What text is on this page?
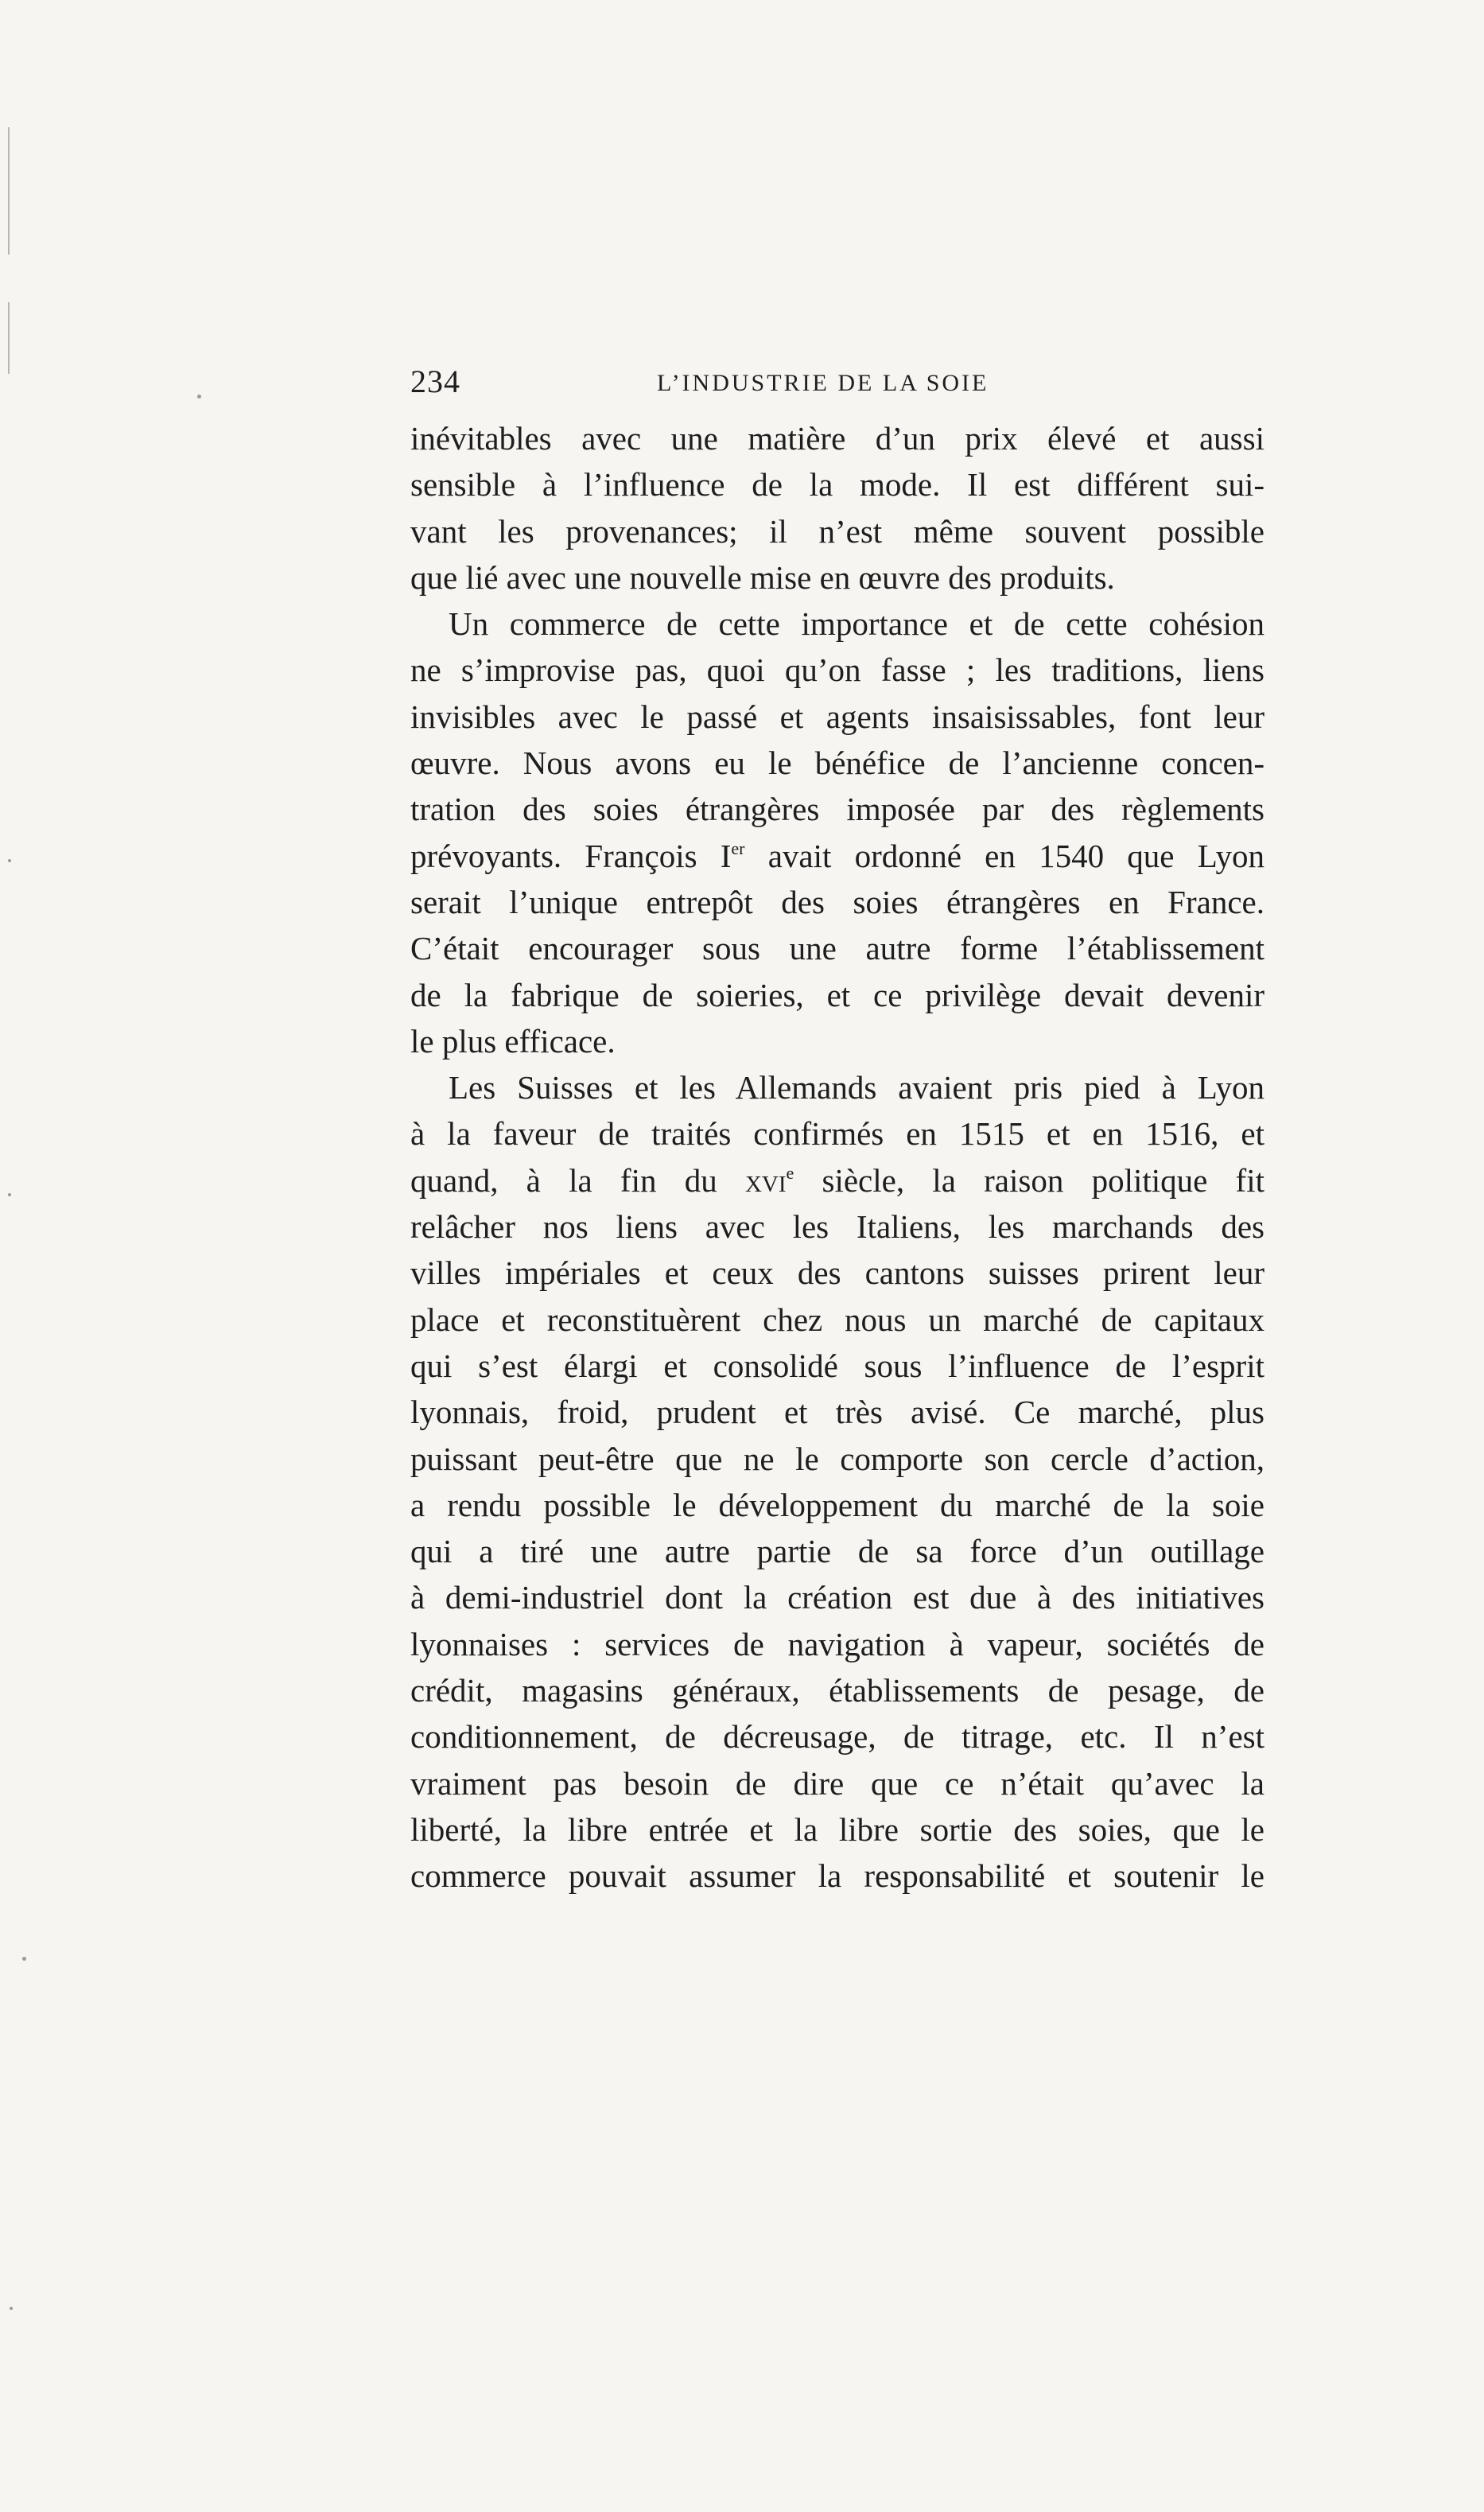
234	L’INDUSTRIE DE LA SOIE
inévitables avec une matière d’un prix élevé et aussi
sensible à l’influence de la mode. Il est différent sui-
vant les provenances; il n’est même souvent possible
que lié avec une nouvelle mise en œuvre des produits.
Un commerce de cette importance et de cette cohésion
ne s’improvise pas, quoi qu’on fasse ; les traditions, liens
invisibles avec le passé et agents insaisissables, font leur
œuvre. Nous avons eu le bénéfice de l’ancienne concen-
tration des soies étrangères imposée par des règlements
prévoyants. François Ier avait ordonné en 1540 que Lyon
serait l’unique entrepôt des soies étrangères en France.
C’était encourager sous une autre forme l’établissement
de la fabrique de soieries, et ce privilège devait devenir
le plus efficace.
Les Suisses et les Allemands avaient pris pied à Lyon
à la faveur de traités confirmés en 1515 et en 1516, et
quand, à la fin du xvi$^e$ siècle, la raison politique fit
relâcher nos liens avec les Italiens, les marchands des
villes impériales et ceux des cantons suisses prirent leur
place et reconstituèrent chez nous un marché de capitaux
qui s’est élargi et consolidé sous l’influence de l’esprit
lyonnais, froid, prudent et très avisé. Ce marché, plus
puissant peut-être que ne le comporte son cercle d’action,
a rendu possible le développement du marché de la soie
qui a tiré une autre partie de sa force d’un outillage
à demi-industriel dont la création est due à des initiatives
lyonnaises : services de navigation à vapeur, sociétés de
crédit, magasins généraux, établissements de pesage, de
conditionnement, de décreusage, de titrage, etc. Il n’est
vraiment pas besoin de dire que ce n’était qu’avec la
liberté, la libre entrée et la libre sortie des soies, que le
commerce pouvait assumer la responsabilité et soutenir le
